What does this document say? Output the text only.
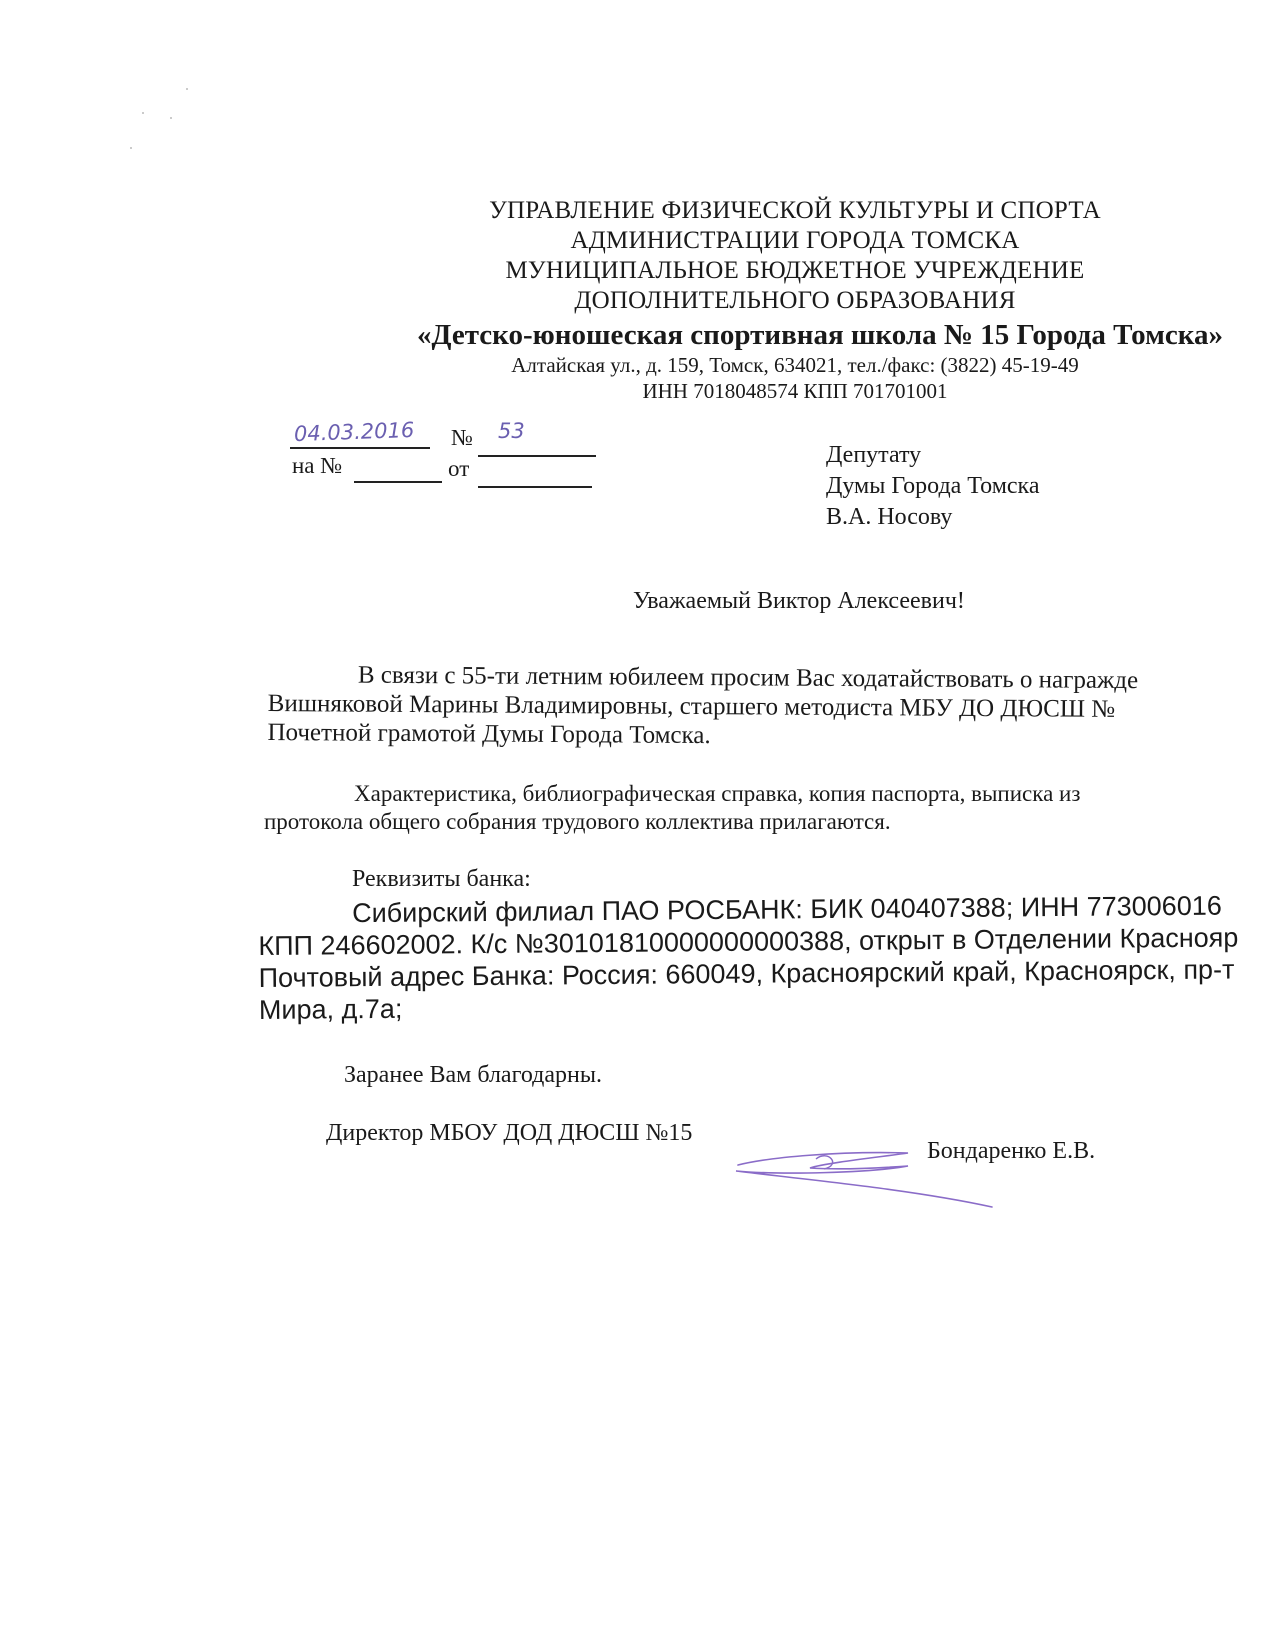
УПРАВЛЕНИЕ ФИЗИЧЕСКОЙ КУЛЬТУРЫ И СПОРТА
АДМИНИСТРАЦИИ ГОРОДА ТОМСКА
МУНИЦИПАЛЬНОЕ БЮДЖЕТНОЕ УЧРЕЖДЕНИЕ
ДОПОЛНИТЕЛЬНОГО ОБРАЗОВАНИЯ
«Детско-юношеская спортивная школа № 15 Города Томска»
Алтайская ул., д. 159, Томск, 634021, тел./факс: (3822) 45-19-49
ИНН 7018048574 КПП 701701001
04.03.2016 № 53
на №	от
Депутату
Думы Города Томска
В.А. Носову
Уважаемый Виктор Алексеевич!
В связи с 55-ти летним юбилеем просим Вас ходатайствовать о награжде
Вишняковой Марины Владимировны, старшего методиста МБУ ДО ДЮСШ №
Почетной грамотой Думы Города Томска.
Характеристика, библиографическая справка, копия паспорта, выписка из
протокола общего собрания трудового коллектива прилагаются.
Реквизиты банка:
Сибирский филиал ПАО РОСБАНК: БИК 040407388; ИНН 773006016
КПП 246602002. К/с №30101810000000000388, открыт в Отделении Краснояр
Почтовый адрес Банка: Россия: 660049, Красноярский край, Красноярск, пр-т
Мира, д.7а;
Заранее Вам благодарны.
Директор МБОУ ДОД ДЮСШ №15
Бондаренко Е.В.
